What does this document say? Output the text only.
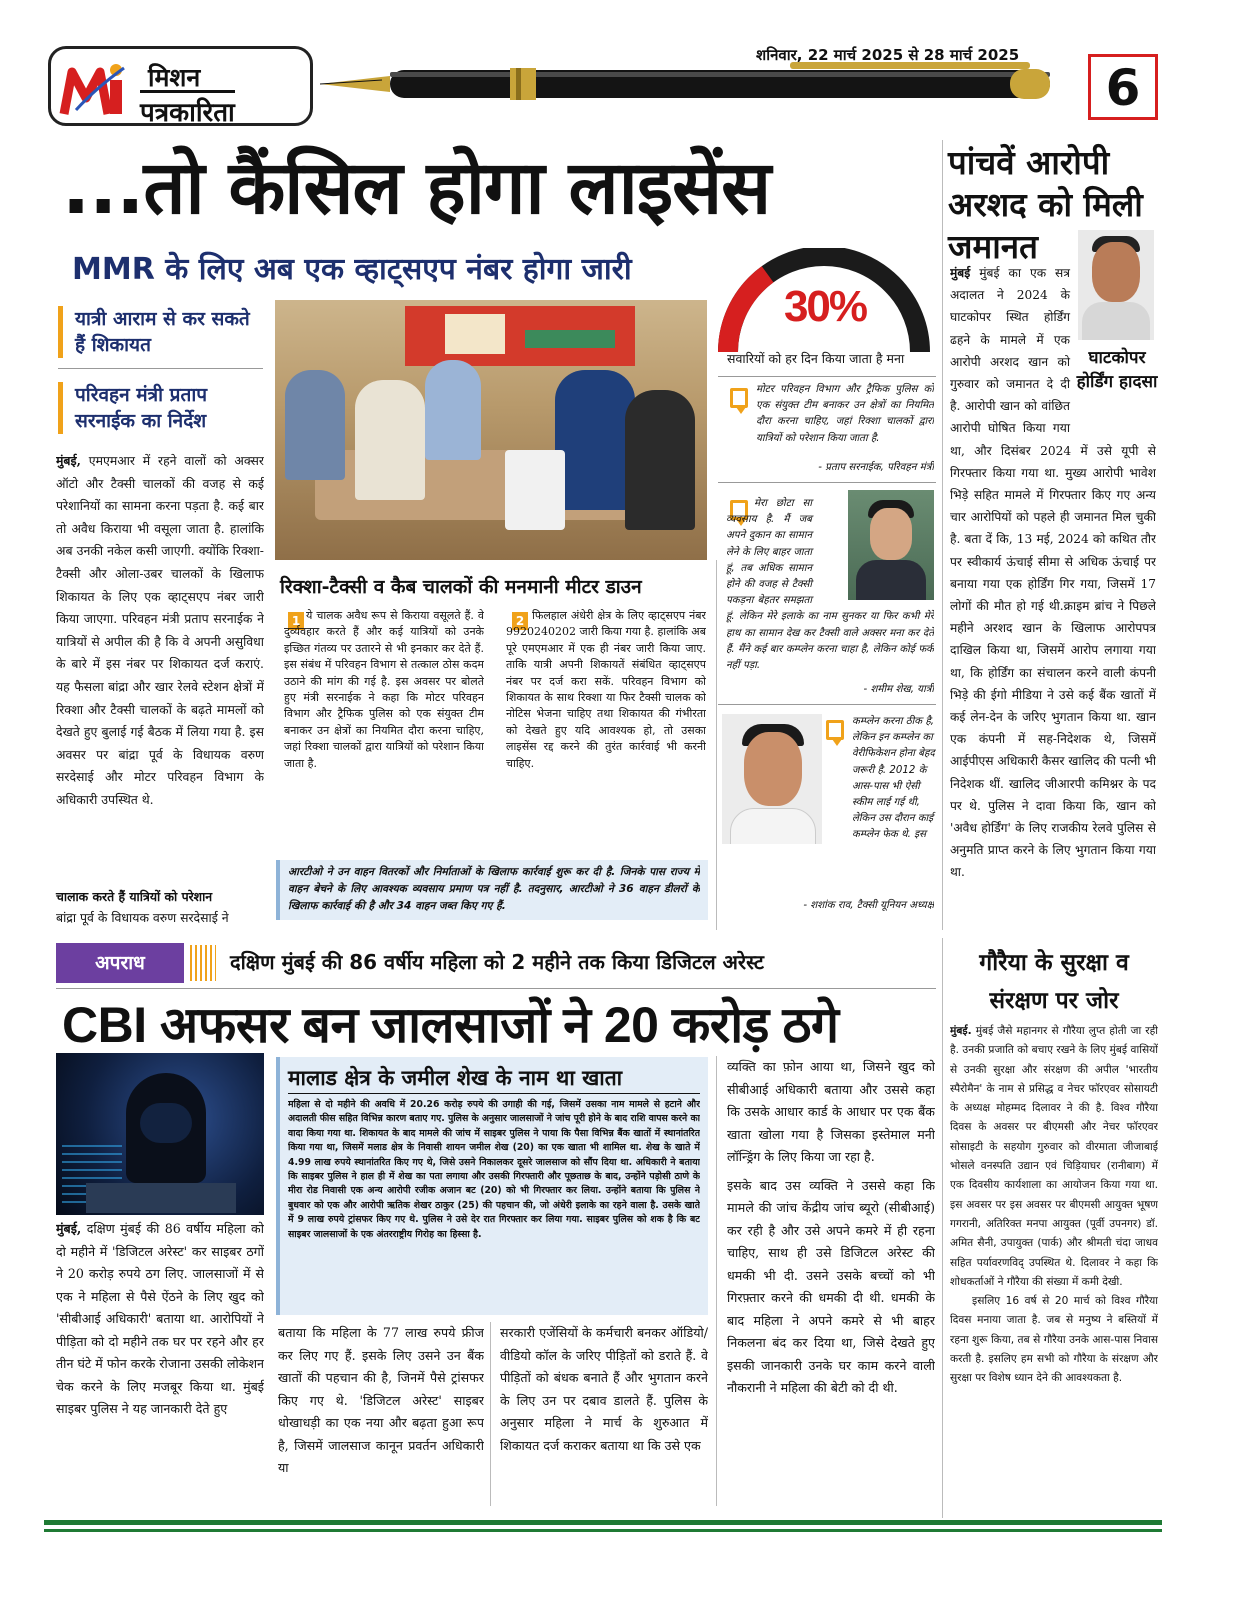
मिशन
पत्रकारिता
शनिवार, 22 मार्च 2025 से 28 मार्च 2025
6
...तो कैंसिल होगा लाइसेंस
MMR के लिए अब एक व्हाट्सएप नंबर होगा जारी
यात्री आराम से कर सकते हैं शिकायत
परिवहन मंत्री प्रताप सरनाईक का निर्देश
मुंबई, एमएमआर में रहने वालों को अक्सर ऑटो और टैक्सी चालकों की वजह से कई परेशानियों का सामना करना पड़ता है. कई बार तो अवैध किराया भी वसूला जाता है. हालांकि अब उनकी नकेल कसी जाएगी. क्योंकि रिक्शा-टैक्सी और ओला-उबर चालकों के खिलाफ शिकायत के लिए एक व्हाट्सएप नंबर जारी किया जाएगा. परिवहन मंत्री प्रताप सरनाईक ने यात्रियों से अपील की है कि वे अपनी असुविधा के बारे में इस नंबर पर शिकायत दर्ज कराएं. यह फैसला बांद्रा और खार रेलवे स्टेशन क्षेत्रों में रिक्शा और टैक्सी चालकों के बढ़ते मामलों को देखते हुए बुलाई गई बैठक में लिया गया है. इस अवसर पर बांद्रा पूर्व के विधायक वरुण सरदेसाई और मोटर परिवहन विभाग के अधिकारी उपस्थित थे.
चालाक करते हैं यात्रियों को परेशान
बांद्रा पूर्व के विधायक वरुण सरदेसाई ने
रिक्शा-टैक्सी व कैब चालकों की मनमानी मीटर डाउन
1 ये चालक अवैध रूप से किराया वसूलते हैं. वे दुर्व्यवहार करते हैं और कई यात्रियों को उनके इच्छित गंतव्य पर उतारने से भी इनकार कर देते हैं. इस संबंध में परिवहन विभाग से तत्काल ठोस कदम उठाने की मांग की गई है. इस अवसर पर बोलते हुए मंत्री सरनाईक ने कहा कि मोटर परिवहन विभाग और ट्रैफिक पुलिस को एक संयुक्त टीम बनाकर उन क्षेत्रों का नियमित दौरा करना चाहिए, जहां रिक्शा चालकों द्वारा यात्रियों को परेशान किया जाता है.
2 फिलहाल अंधेरी क्षेत्र के लिए व्हाट्सएप नंबर 9920240202 जारी किया गया है. हालांकि अब पूरे एमएमआर में एक ही नंबर जारी किया जाए. ताकि यात्री अपनी शिकायतें संबंधित व्हाट्सएप नंबर पर दर्ज करा सकें. परिवहन विभाग को शिकायत के साथ रिक्शा या फिर टैक्सी चालक को नोटिस भेजना चाहिए तथा शिकायत की गंभीरता को देखते हुए यदि आवश्यक हो, तो उसका लाइसेंस रद्द करने की तुरंत कार्रवाई भी करनी चाहिए.
आरटीओ ने उन वाहन वितरकों और निर्माताओं के खिलाफ कार्रवाई शुरू कर दी है. जिनके पास राज्य में वाहन बेचने के लिए आवश्यक व्यवसाय प्रमाण पत्र नहीं है. तदनुसार, आरटीओ ने 36 वाहन डीलरों के खिलाफ कार्रवाई की है और 34 वाहन जब्त किए गए हैं.
30%
सवारियों को हर दिन किया जाता है मना
मोटर परिवहन विभाग और ट्रैफिक पुलिस को एक संयुक्त टीम बनाकर उन क्षेत्रों का नियमित दौरा करना चाहिए, जहां रिक्शा चालकों द्वारा यात्रियों को परेशान किया जाता है.
- प्रताप सरनाईक, परिवहन मंत्री
मेरा छोटा सा व्यवसाय है. मैं जब अपने दुकान का सामान लेने के लिए बाहर जाता हूं, तब अधिक सामान होने की वजह से टैक्सी पकड़ना बेहतर समझता हूं. लेकिन मेरे इलाके का नाम सुनकर या फिर कभी मेरे हाथ का सामान देख कर टैक्सी वाले अक्सर मना कर देते हैं. मैंने कई बार कम्प्लेन करना चाहा है, लेकिन कोई फर्क नहीं पड़ा.
- शमीम शेख, यात्री
कम्प्लेन करना ठीक है, लेकिन इन कम्प्लेन का वेरीफिकेशन होना बेहद जरूरी है. 2012 के आस-पास भी ऐसी स्कीम लाई गई थी, लेकिन उस दौरान काई कम्प्लेन फेक थे. इस
- शशांक राव, टैक्सी यूनियन अध्यक्ष
पांचवें आरोपी अरशद को मिली जमानत
घाटकोपर होर्डिंग हादसा
मुंबई मुंबई का एक सत्र अदालत ने 2024 के घाटकोपर स्थित होर्डिंग ढहने के मामले में एक आरोपी अरशद खान को गुरुवार को जमानत दे दी है. आरोपी खान को वांछित आरोपी घोषित किया गया था, और दिसंबर 2024 में उसे यूपी से गिरफ्तार किया गया था. मुख्य आरोपी भावेश भिड़े सहित मामले में गिरफ्तार किए गए अन्य चार आरोपियों को पहले ही जमानत मिल चुकी है. बता दें कि, 13 मई, 2024 को कथित तौर पर स्वीकार्य ऊंचाई सीमा से अधिक ऊंचाई पर बनाया गया एक होर्डिंग गिर गया, जिसमें 17 लोगों की मौत हो गई थी.क्राइम ब्रांच ने पिछले महीने अरशद खान के खिलाफ आरोपपत्र दाखिल किया था, जिसमें आरोप लगाया गया था, कि होर्डिंग का संचालन करने वाली कंपनी भिड़े की ईगो मीडिया ने उसे कई बैंक खातों में कई लेन-देन के जरिए भुगतान किया था. खान एक कंपनी में सह-निदेशक थे, जिसमें आईपीएस अधिकारी कैसर खालिद की पत्नी भी निदेशक थीं. खालिद जीआरपी कमिश्नर के पद पर थे. पुलिस ने दावा किया कि, खान को 'अवैध होर्डिंग' के लिए राजकीय रेलवे पुलिस से अनुमति प्राप्त करने के लिए भुगतान किया गया था.
अपराध	दक्षिण मुंबई की 86 वर्षीय महिला को 2 महीने तक किया डिजिटल अरेस्ट
CBI अफसर बन जालसाजों ने 20 करोड़ ठगे
मुंबई, दक्षिण मुंबई की 86 वर्षीय महिला को दो महीने में 'डिजिटल अरेस्ट' कर साइबर ठगों ने 20 करोड़ रुपये ठग लिए. जालसाजों में से एक ने महिला से पैसे ऐंठने के लिए खुद को 'सीबीआई अधिकारी' बताया था. आरोपियों ने पीड़िता को दो महीने तक घर पर रहने और हर तीन घंटे में फोन करके रोजाना उसकी लोकेशन चेक करने के लिए मजबूर किया था. मुंबई साइबर पुलिस ने यह जानकारी देते हुए
मालाड क्षेत्र के जमील शेख के नाम था खाता
महिला से दो महीने की अवधि में 20.26 करोड़ रुपये की उगाही की गई, जिसमें उसका नाम मामले से हटाने और अदालती फीस सहित विभिन्न कारण बताए गए. पुलिस के अनुसार जालसाजों ने जांच पूरी होने के बाद राशि वापस करने का वादा किया गया था. शिकायत के बाद मामले की जांच में साइबर पुलिस ने पाया कि पैसा विभिन्न बैंक खातों में स्थानांतरित किया गया था, जिसमें मलाड क्षेत्र के निवासी शायन जमील शेख (20) का एक खाता भी शामिल था. शेख के खाते में 4.99 लाख रुपये स्थानांतरित किए गए थे, जिसे उसने निकालकर दूसरे जालसाज को सौंप दिया था. अधिकारी ने बताया कि साइबर पुलिस ने हाल ही में शेख का पता लगाया और उसकी गिरफ्तारी और पूछताछ के बाद, उन्होंने पड़ोसी ठाणे के मीरा रोड निवासी एक अन्य आरोपी रजीक अजान बट (20) को भी गिरफ्तार कर लिया. उन्होंने बताया कि पुलिस ने बुधवार को एक और आरोपी ऋतिक शेखर ठाकुर (25) की पहचान की, जो अंधेरी इलाके का रहने वाला है. उसके खाते में 9 लाख रुपये ट्रांसफर किए गए थे. पुलिस ने उसे देर रात गिरफ्तार कर लिया गया. साइबर पुलिस को शक है कि बट साइबर जालसाजों के एक अंतरराष्ट्रीय गिरोह का हिस्सा है.
बताया कि महिला के 77 लाख रुपये फ्रीज कर लिए गए हैं. इसके लिए उसने उन बैंक खातों की पहचान की है, जिनमें पैसे ट्रांसफर किए गए थे. 'डिजिटल अरेस्ट' साइबर धोखाधड़ी का एक नया और बढ़ता हुआ रूप है, जिसमें जालसाज कानून प्रवर्तन अधिकारी या
सरकारी एजेंसियों के कर्मचारी बनकर ऑडियो/वीडियो कॉल के जरिए पीड़ितों को डराते हैं. वे पीड़ितों को बंधक बनाते हैं और भुगतान करने के लिए उन पर दबाव डालते हैं. पुलिस के अनुसार महिला ने मार्च के शुरुआत में शिकायत दर्ज कराकर बताया था कि उसे एक
व्यक्ति का फ़ोन आया था, जिसने खुद को सीबीआई अधिकारी बताया और उससे कहा कि उसके आधार कार्ड के आधार पर एक बैंक खाता खोला गया है जिसका इस्तेमाल मनी लॉन्ड्रिंग के लिए किया जा रहा है.
इसके बाद उस व्यक्ति ने उससे कहा कि मामले की जांच केंद्रीय जांच ब्यूरो (सीबीआई) कर रही है और उसे अपने कमरे में ही रहना चाहिए, साथ ही उसे डिजिटल अरेस्ट की धमकी भी दी. उसने उसके बच्चों को भी गिरफ़्तार करने की धमकी दी थी. धमकी के बाद महिला ने अपने कमरे से भी बाहर निकलना बंद कर दिया था, जिसे देखते हुए इसकी जानकारी उनके घर काम करने वाली नौकरानी ने महिला की बेटी को दी थी.
गौरैया के सुरक्षा व संरक्षण पर जोर
मुंबई. मुंबई जैसे महानगर से गौरैया लुप्त होती जा रही है. उनकी प्रजाति को बचाए रखने के लिए मुंबई वासियों से उनकी सुरक्षा और संरक्षण की अपील 'भारतीय स्पैरोमैन' के नाम से प्रसिद्ध व नेचर फॉरएवर सोसायटी के अध्यक्ष मोहम्मद दिलावर ने की है. विश्व गौरैया दिवस के अवसर पर बीएमसी और नेचर फॉरएवर सोसाइटी के सहयोग गुरुवार को वीरमाता जीजाबाई भोसले वनस्पति उद्यान एवं चिड़ियाघर (रानीबाग) में एक दिवसीय कार्यशाला का आयोजन किया गया था. इस अवसर पर इस अवसर पर बीएमसी आयुक्त भूषण गगरानी, अतिरिक्त मनपा आयुक्त (पूर्वी उपनगर) डॉ. अमित सैनी, उपायुक्त (पार्क) और श्रीमती चंदा जाधव सहित पर्यावरणविद् उपस्थित थे. दिलावर ने कहा कि शोधकर्ताओं ने गौरैया की संख्या में कमी देखी.
इसलिए 16 वर्ष से 20 मार्च को विश्व गौरैया दिवस मनाया जाता है. जब से मनुष्य ने बस्तियों में रहना शुरू किया, तब से गौरैया उनके आस-पास निवास करती है. इसलिए हम सभी को गौरैया के संरक्षण और सुरक्षा पर विशेष ध्यान देने की आवश्यकता है.
